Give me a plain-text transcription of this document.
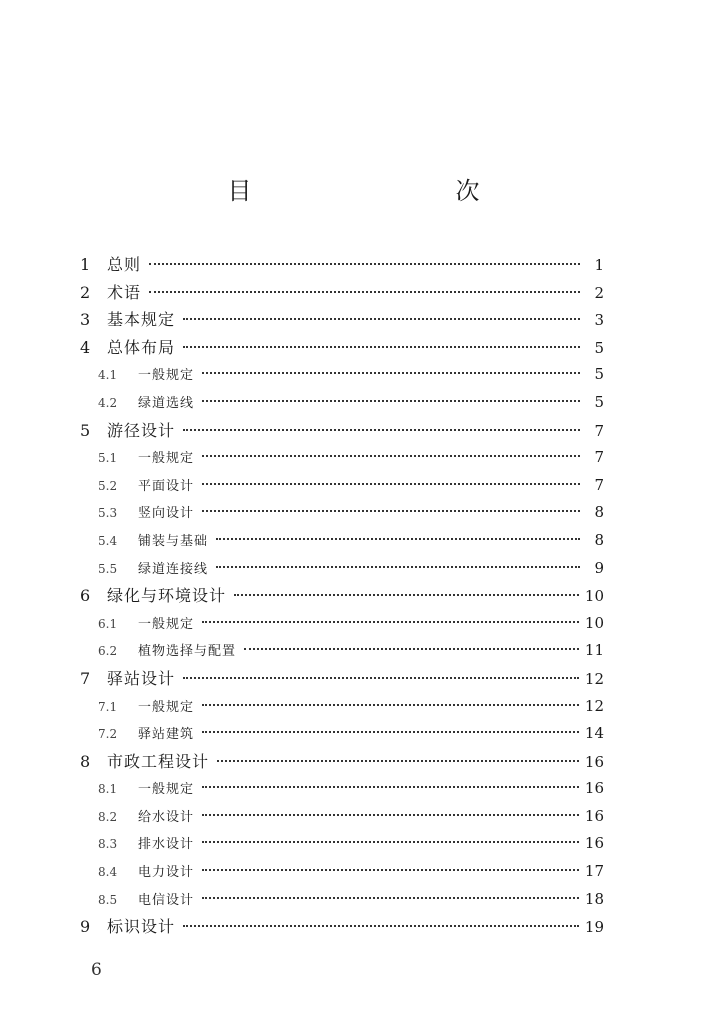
目　　次
1	总则	1
2	术语	2
3	基本规定	3
4	总体布局	5
4.1	一般规定	5
4.2	绿道选线	5
5	游径设计	7
5.1	一般规定	7
5.2	平面设计	7
5.3	竖向设计	8
5.4	铺装与基础	8
5.5	绿道连接线	9
6	绿化与环境设计	10
6.1	一般规定	10
6.2	植物选择与配置	11
7	驿站设计	12
7.1	一般规定	12
7.2	驿站建筑	14
8	市政工程设计	16
8.1	一般规定	16
8.2	给水设计	16
8.3	排水设计	16
8.4	电力设计	17
8.5	电信设计	18
9	标识设计	19
6
